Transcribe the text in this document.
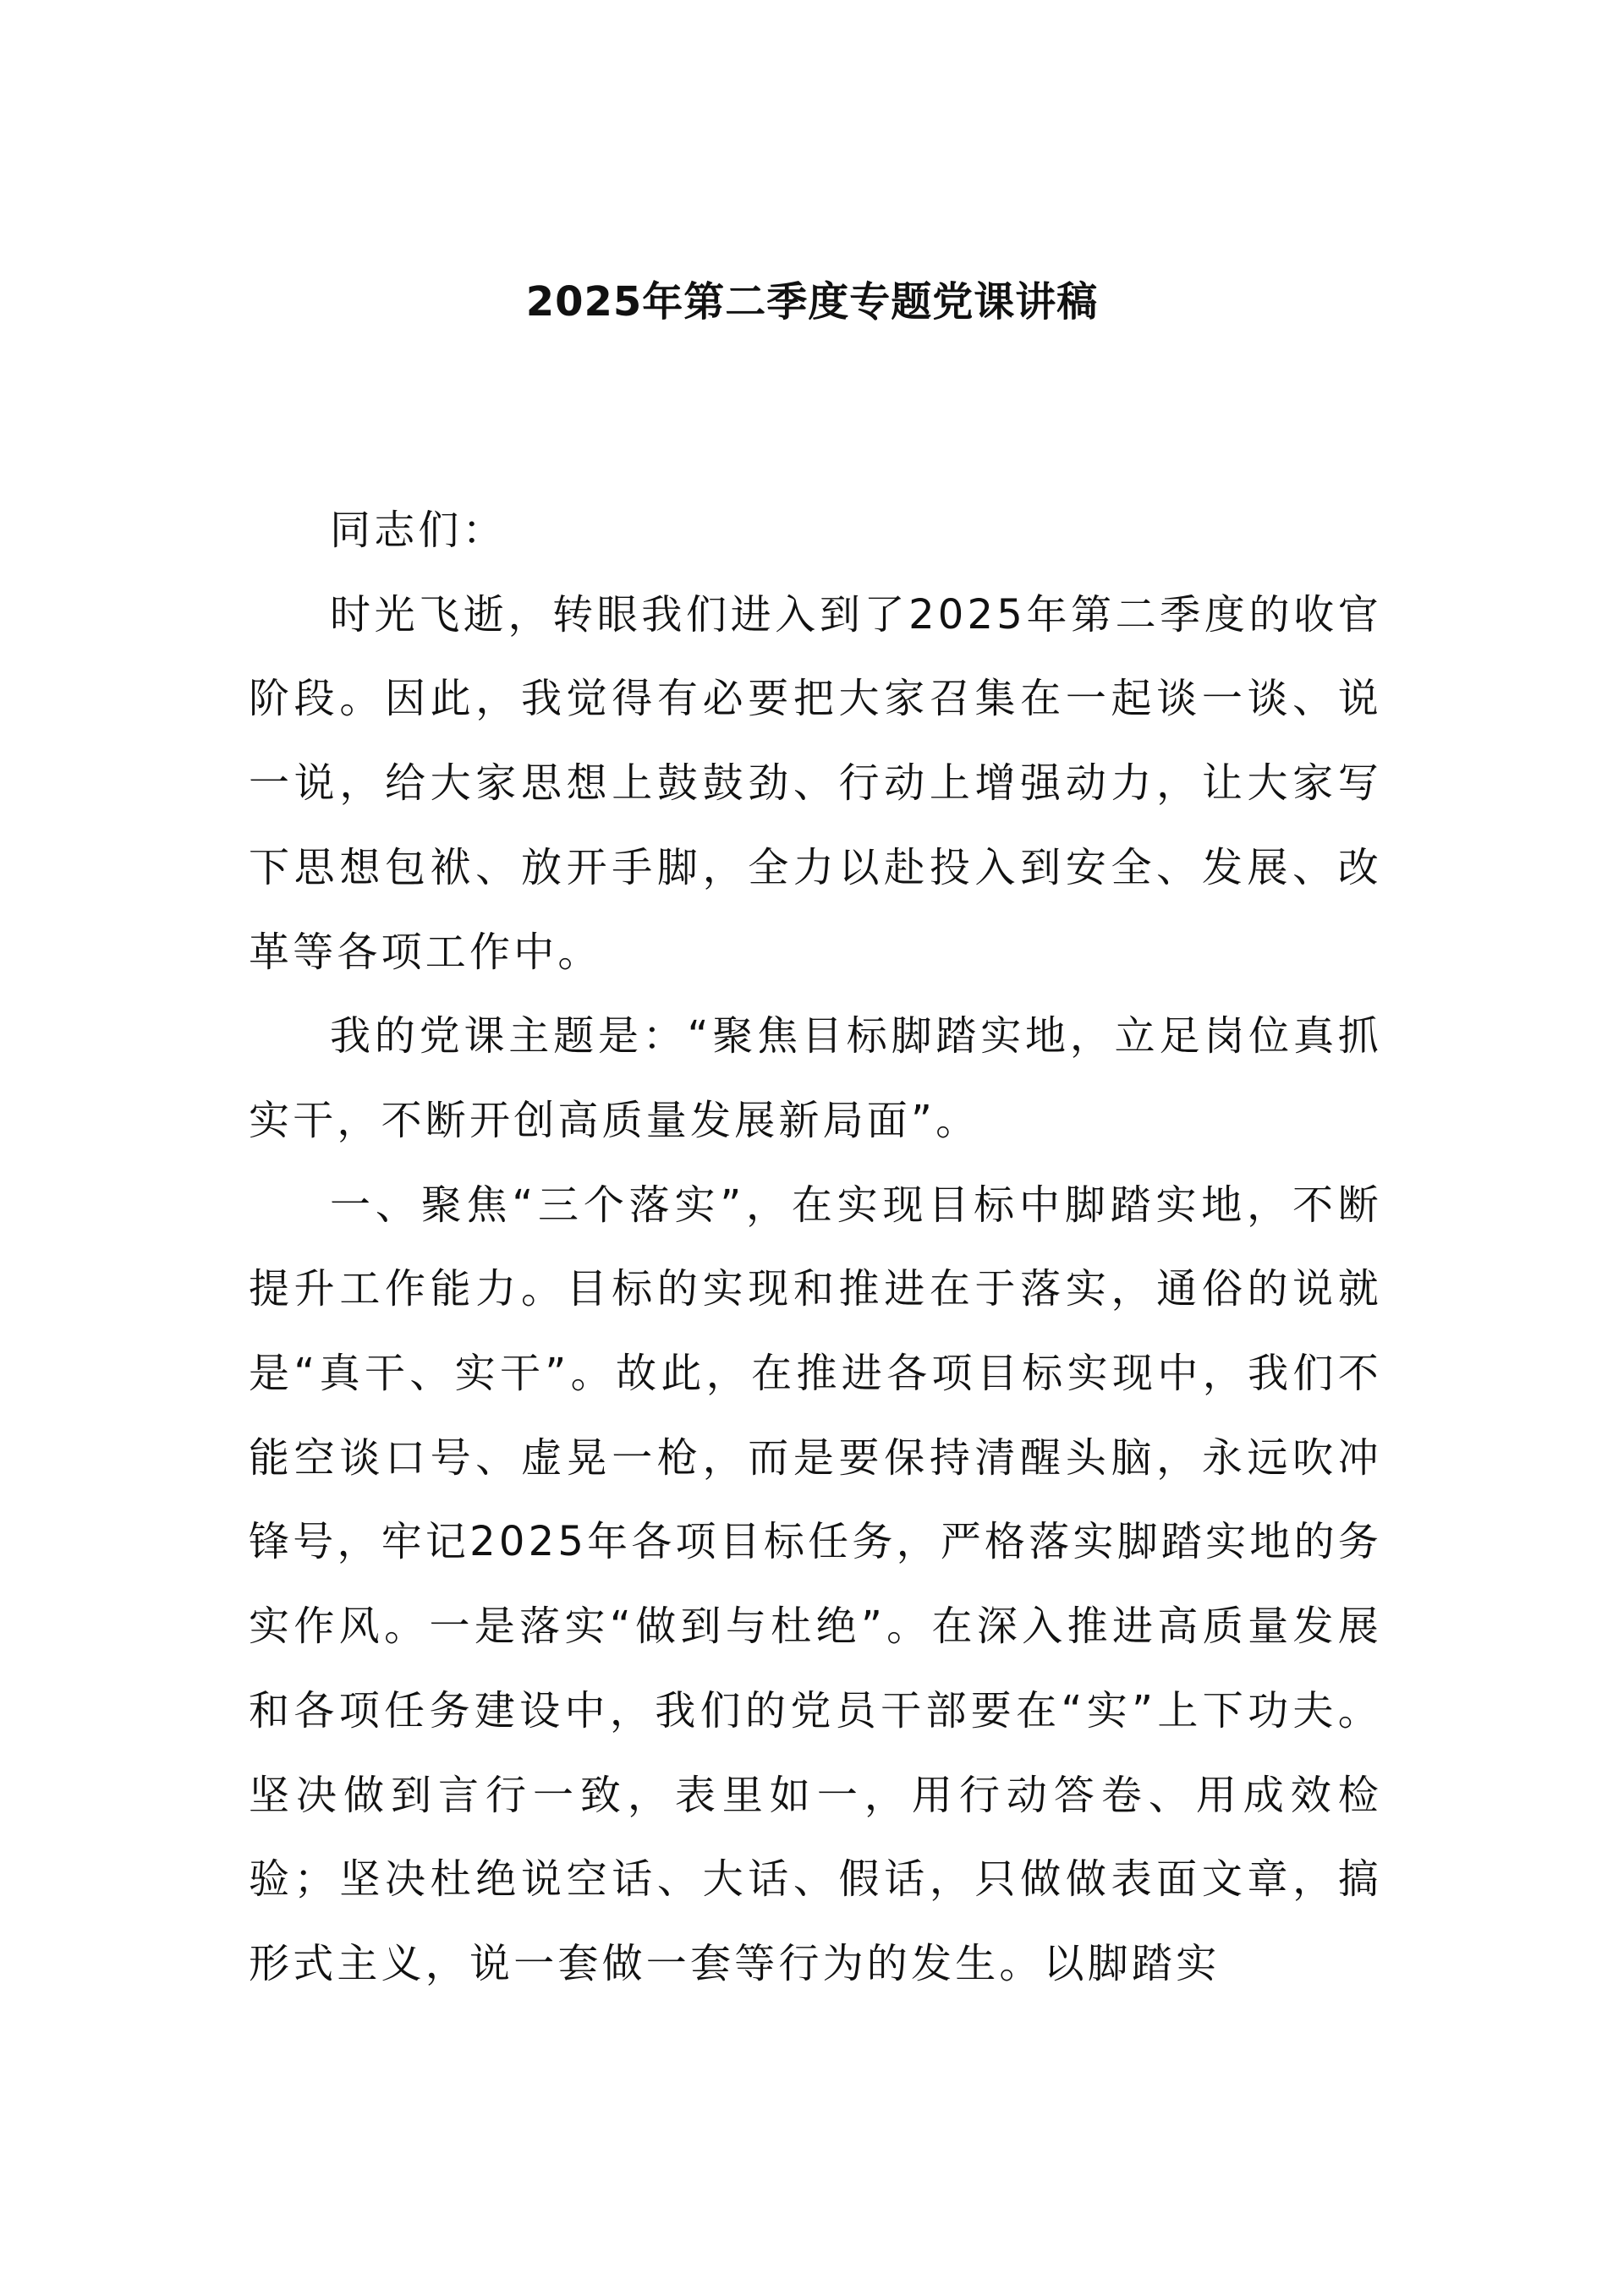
2025年第二季度专题党课讲稿

同志们：

时光飞逝，转眼我们进入到了2025年第二季度的收官阶段。因此，我觉得有必要把大家召集在一起谈一谈、说一说，给大家思想上鼓鼓劲、行动上增强动力，让大家写下思想包袱、放开手脚，全力以赴投入到安全、发展、改革等各项工作中。

我的党课主题是：“聚焦目标脚踏实地，立足岗位真抓实干，不断开创高质量发展新局面”。

一、聚焦“三个落实”，在实现目标中脚踏实地，不断提升工作能力。目标的实现和推进在于落实，通俗的说就是“真干、实干”。故此，在推进各项目标实现中，我们不能空谈口号、虚晃一枪，而是要保持清醒头脑，永远吹冲锋号，牢记2025年各项目标任务，严格落实脚踏实地的务实作风。一是落实“做到与杜绝”。在深入推进高质量发展和各项任务建设中，我们的党员干部要在“实”上下功夫。坚决做到言行一致，表里如一，用行动答卷、用成效检验；坚决杜绝说空话、大话、假话，只做做表面文章，搞形式主义，说一套做一套等行为的发生。以脚踏实
